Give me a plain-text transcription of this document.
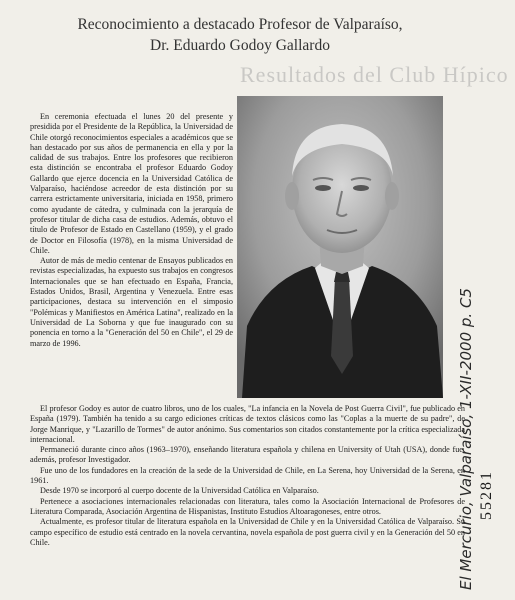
Reconocimiento a destacado Profesor de Valparaíso,
Dr. Eduardo Godoy Gallardo
Resultados del Club Hípico

En ceremonia efectuada el lunes 20 del presente y presidida por el Presidente de la República, la Universidad de Chile otorgó reconocimientos especiales a académicos que se han destacado por sus años de permanencia en ella y por la calidad de sus trabajos. Entre los profesores que recibieron esta distinción se encontraba el profesor Eduardo Godoy Gallardo que ejerce docencia en la Universidad Católica de Valparaíso, haciéndose acreedor de esta distinción por su carrera estrictamente universitaria, iniciada en 1958, primero como ayudante de cátedra, y culminada con la jerarquía de profesor titular de dicha casa de estudios. Además, obtuvo el título de Profesor de Estado en Castellano (1959), y el grado de Doctor en Filosofía (1978), en la misma Universidad de Chile.

Autor de más de medio centenar de Ensayos publicados en revistas especializadas, ha expuesto sus trabajos en congresos Internacionales que se han efectuado en España, Francia, Estados Unidos, Brasil, Argentina y Venezuela. Entre esas participaciones, destaca su intervención en el simposio "Polémicas y Manifiestos en América Latina", realizado en la Universidad de La Soborna y que fue inaugurado con su ponencia en torno a la "Generación del 50 en Chile", el 29 de marzo de 1996.

El profesor Godoy es autor de cuatro libros, uno de los cuales, "La infancia en la Novela de Post Guerra Civil", fue publicado en España (1979). También ha tenido a su cargo ediciones críticas de textos clásicos como las "Coplas a la muerte de su padre", de Jorge Manrique, y "Lazarillo de Tormes" de autor anónimo. Sus comentarios son citados constantemente por la crítica especializada internacional.

Permaneció durante cinco años (1963–1970), enseñando literatura española y chilena en University of Utah (USA), donde fue, además, profesor Investigador.

Fue uno de los fundadores en la creación de la sede de la Universidad de Chile, en La Serena, hoy Universidad de la Serena, en 1961.

Desde 1970 se incorporó al cuerpo docente de la Universidad Católica en Valparaíso.

Pertenece a asociaciones internacionales relacionadas con literatura, tales como la Asociación Internacional de Profesores de Literatura Comparada, Asociación Argentina de Hispanistas, Instituto Estudios Altoaragoneses, entre otros.

Actualmente, es profesor titular de literatura española en la Universidad de Chile y en la Universidad Católica de Valparaíso. Su campo específico de estudio está centrado en la novela cervantina, novela española de post guerra civil y en la Generación del 50 en Chile.	El Mercurio, Valparaíso, 1-XII-2000 p. C5 55281
